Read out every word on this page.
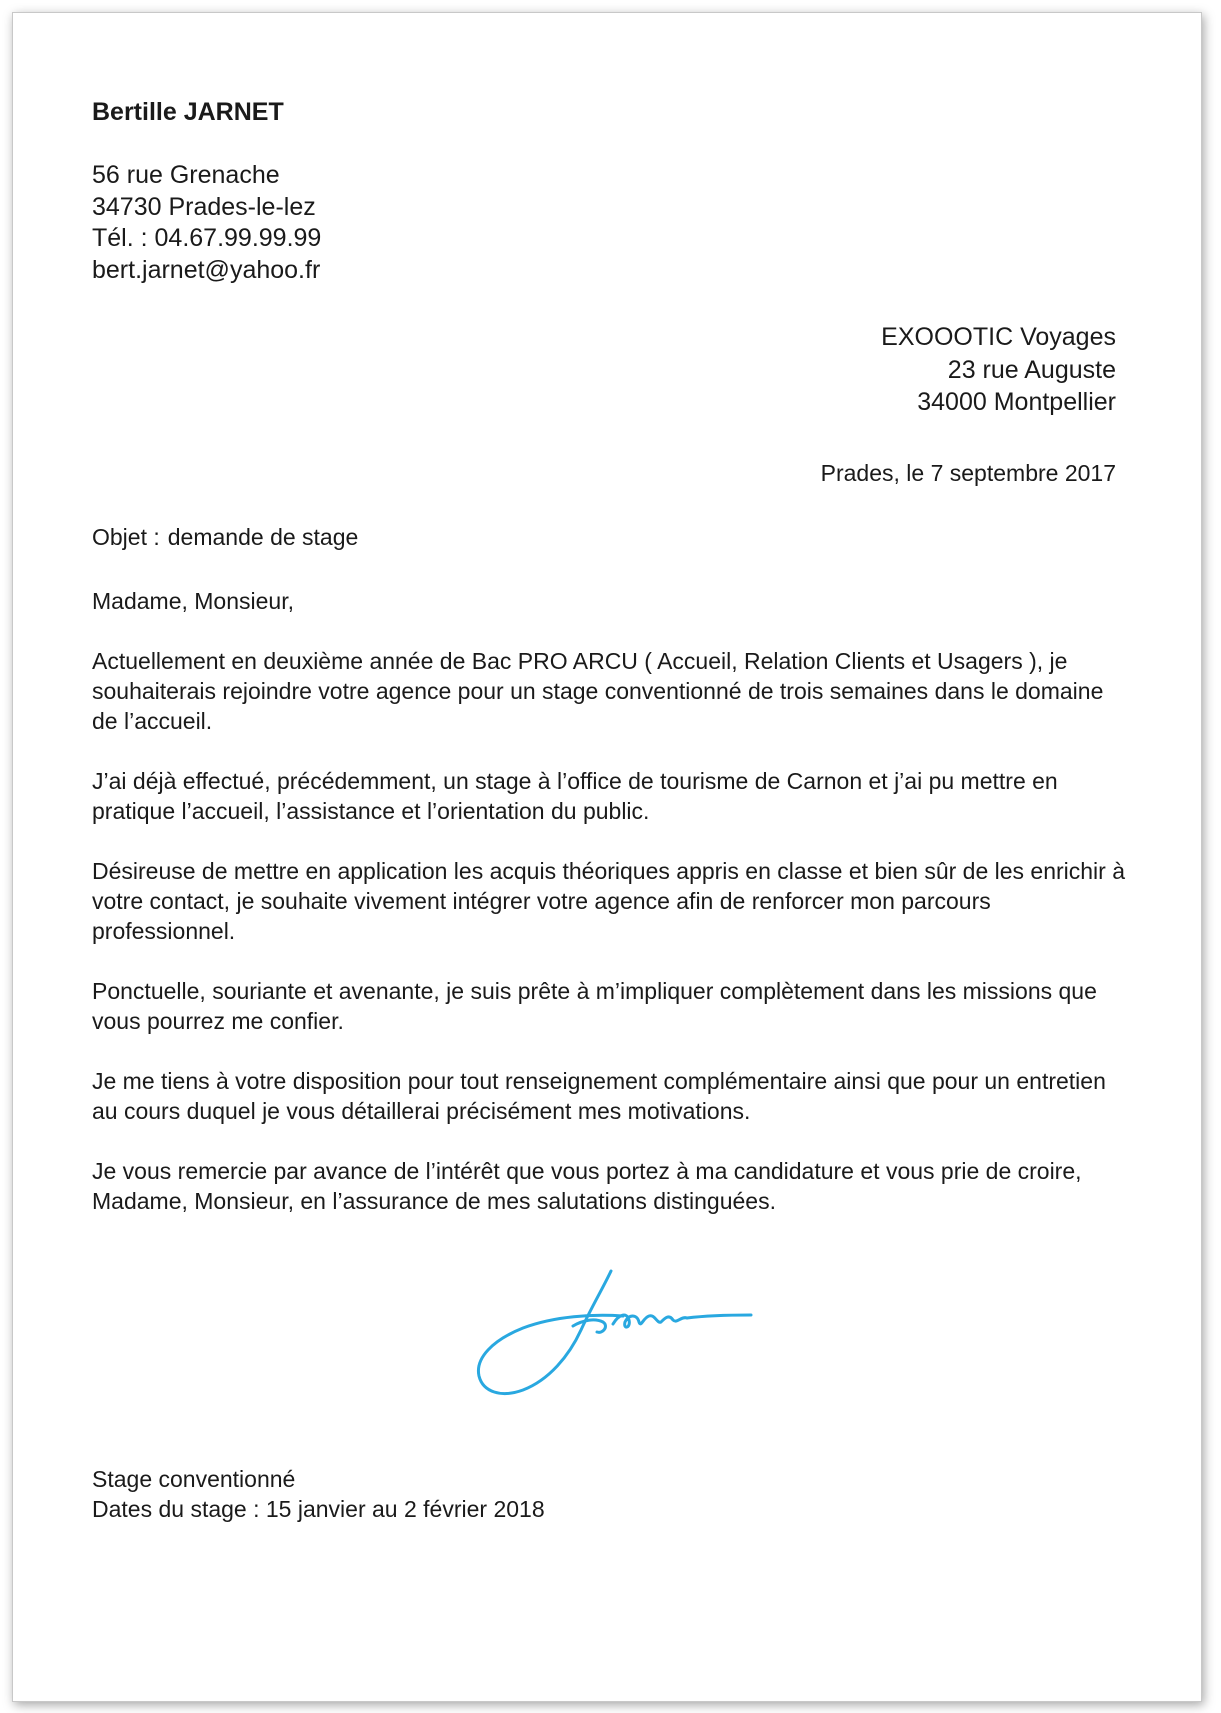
Bertille JARNET
56 rue Grenache
34730 Prades-le-lez
Tél. : 04.67.99.99.99
bert.jarnet@yahoo.fr
EXOOOTIC Voyages
23 rue Auguste
34000 Montpellier
Prades, le 7 septembre 2017
Objet : demande de stage

Madame, Monsieur,

Actuellement en deuxième année de Bac PRO ARCU ( Accueil, Relation Clients et Usagers ), je souhaiterais rejoindre votre agence pour un stage conventionné de trois semaines dans le domaine de l’accueil.

J’ai déjà effectué, précédemment, un stage à l’office de tourisme de Carnon et j’ai pu mettre en pratique l’accueil, l’assistance et l’orientation du public.

Désireuse de mettre en application les acquis théoriques appris en classe et bien sûr de les enrichir à votre contact, je souhaite vivement intégrer votre agence afin de renforcer mon parcours professionnel.

Ponctuelle, souriante et avenante, je suis prête à m’impliquer complètement dans les missions que vous pourrez me confier.

Je me tiens à votre disposition pour tout renseignement complémentaire ainsi que pour un entretien au cours duquel je vous détaillerai précisément mes motivations.

Je vous remercie par avance de l’intérêt que vous portez à ma candidature et vous prie de croire, Madame, Monsieur, en l’assurance de mes salutations distinguées.

Stage conventionné
Dates du stage : 15 janvier au 2 février 2018
